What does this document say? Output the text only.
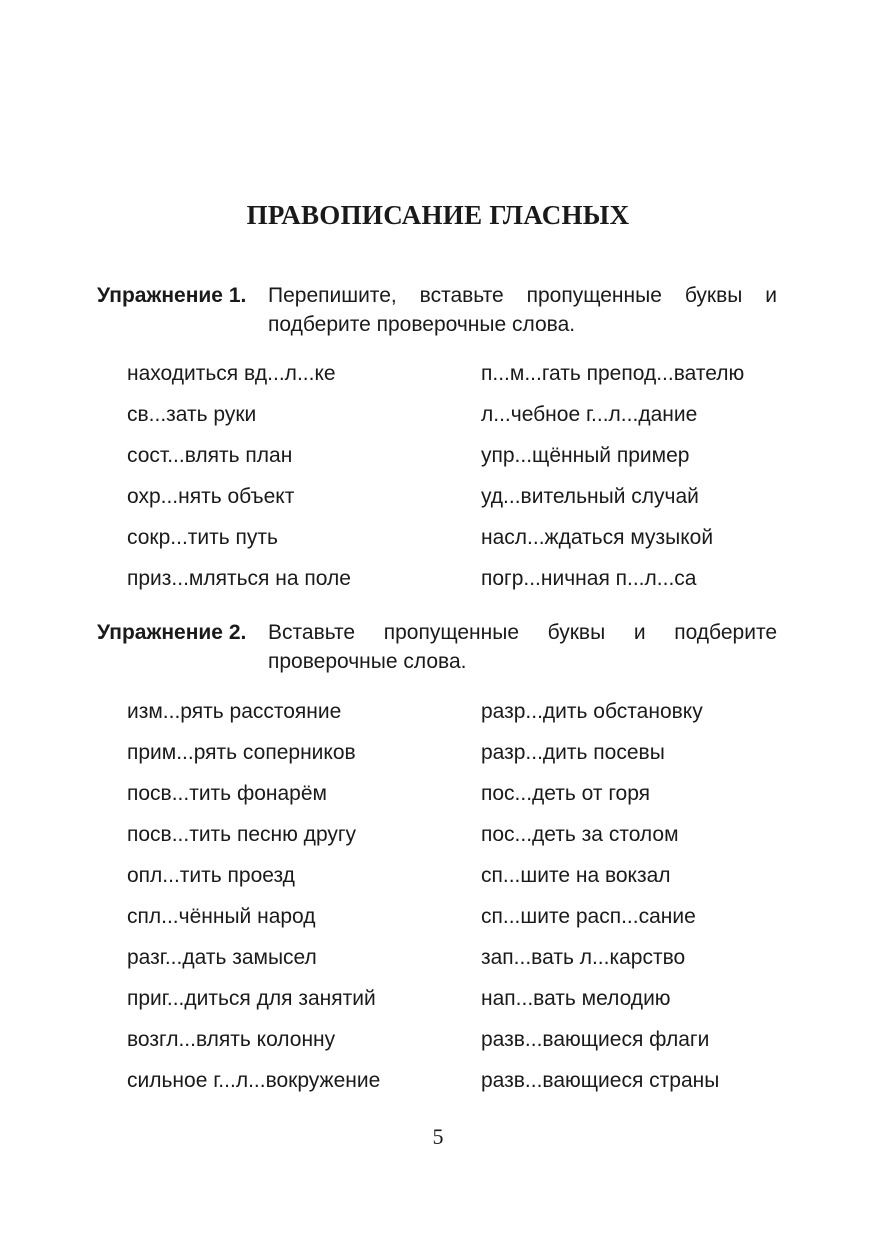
ПРАВОПИСАНИЕ ГЛАСНЫХ
Упражнение 1. Перепишите, вставьте пропущенные буквы и подберите проверочные слова.
находиться вд...л...ке	п...м...гать препод...вателю
св...зать руки	л...чебное г...л...дание
сост...влять план	упр...щённый пример
охр...нять объект	уд...вительный случай
сокр...тить путь	насл...ждаться музыкой
приз...мляться на поле	погр...ничная п...л...са
Упражнение 2. Вставьте пропущенные буквы и подберите проверочные слова.
изм...рять расстояние	разр...дить обстановку
прим...рять соперников	разр...дить посевы
посв...тить фонарём	пос...деть от горя
посв...тить песню другу	пос...деть за столом
опл...тить проезд	сп...шите на вокзал
спл...чённый народ	сп...шите расп...сание
разг...дать замысел	зап...вать л...карство
приг...диться для занятий	нап...вать мелодию
возгл...влять колонну	разв...вающиеся флаги
сильное г...л...вокружение	разв...вающиеся страны
5
